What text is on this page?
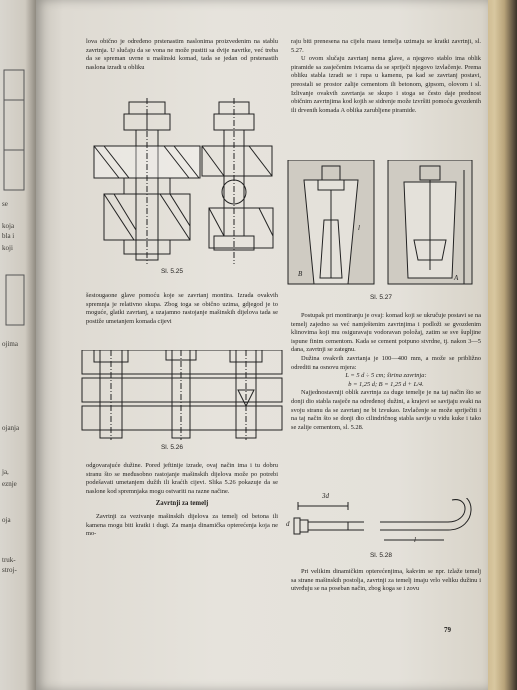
se
koja
bla i
koji
ojima
ojanja
ja,
eznje
oja
truk-
stroj-

lova obično je određeno prstenastim naslonima proizvedenim na stablu zavrtnja. U slučaju da se vona ne može pustiti sa dvije navrtke, već treba da se spreman uvrne u mašinski komad, tada se jedan od prstenastih naslona izradi u obliku

Sl. 5.25

šestougaone glave pomoću koje se zavrtanj montira. Izrada ovakvih spremnja je relativno skupa. Zbog toga se obično uzima, gdjegod je to moguće, glatki zavrtanj, a uzajamno rastojanje mašinskih dijelova tada se postiže umetanjem komada cijevi

Sl. 5.26

odgovarajuće dužine. Pored jeftinije izrade, ovaj način ima i tu dobru stranu što se međusobno rastojanje mašinskih dijelova može po potrebi podešavati umetanjem dužih ili kraćih cijevi. Slika 5.26 pokazuje da se naslone kod spremnjaka mogu ostvariti na razne načine.

Zavrtnji za temelj

Zavrtnji za vezivanje mašinskih dijelova za temelj od betona ili kamena mogu biti kratki i dugi. Za manja dinamička opterećenja koja ne mo-

raju biti prenesena na cijelu masu temelja uzimaju se kratki zavrtnji, sl. 5.27.

U ovom slučaju zavrtanj nema glave, a njegovo stablo ima oblik piramide sa zasječenim ivicama da se spriječi njegovo izvlačenje. Prema obliku stabla izradi se i rupa u kamenu, pa kad se zavrtanj postavi, preostali se prostor zalije cementom ili betonom, gipsom, olovom i sl. Izlivanje ovakvih zavrtanja se skupo i stoga se često daje prednost običnim zavrtnjima kod kojih se sidrenje može izvršiti pomoću gvozdenih ili drvenih komada A oblika zarubljene piramide.

B	A
l
Sl. 5.27

Postupak pri montiranju je ovaj: komad koji se ukručuje postavi se na temelj zajedno sa već namještenim zavrtnjima i podloži se gvozdenim klinovima koji mu osiguravaju vodoravan položaj, zatim se sve šupljine ispune finim cementom. Kada se cement potpuno stvrdne, tj. nakon 3—5 dana, zavrtnji se zategnu.

Dužina ovakvih zavrtanja je 100—400 mm, a može se približno odrediti na osnovu mjera:

L = 5 d ÷ 5 cm; širina zavrtnja:

b = 1,25 d; B = 1,25 d + L/4.

Najjednostavniji oblik zavrtnja za duge temelje je na taj način što se donji dio stabla rasječe na određenoj dužini, a krajevi se savijaju svaki na svoju stranu da se zavrtanj ne bi izvukao. Izvlačenje se može spriječiti i na taj način što se donji dio cilindričnog stabla savije u vidu kuke i tako se zalije cementom, sl. 5.28.

3d
d
l
Sl. 5.28

Pri velikim dinamičkim opterećenjima, kakvim se npr. izlaže temelj sa strane mašinskih postolja, zavrtnji za temelj imaju vrlo veliku dužinu i utvrđuju se na poseban način, zbog koga se i zovu

79
